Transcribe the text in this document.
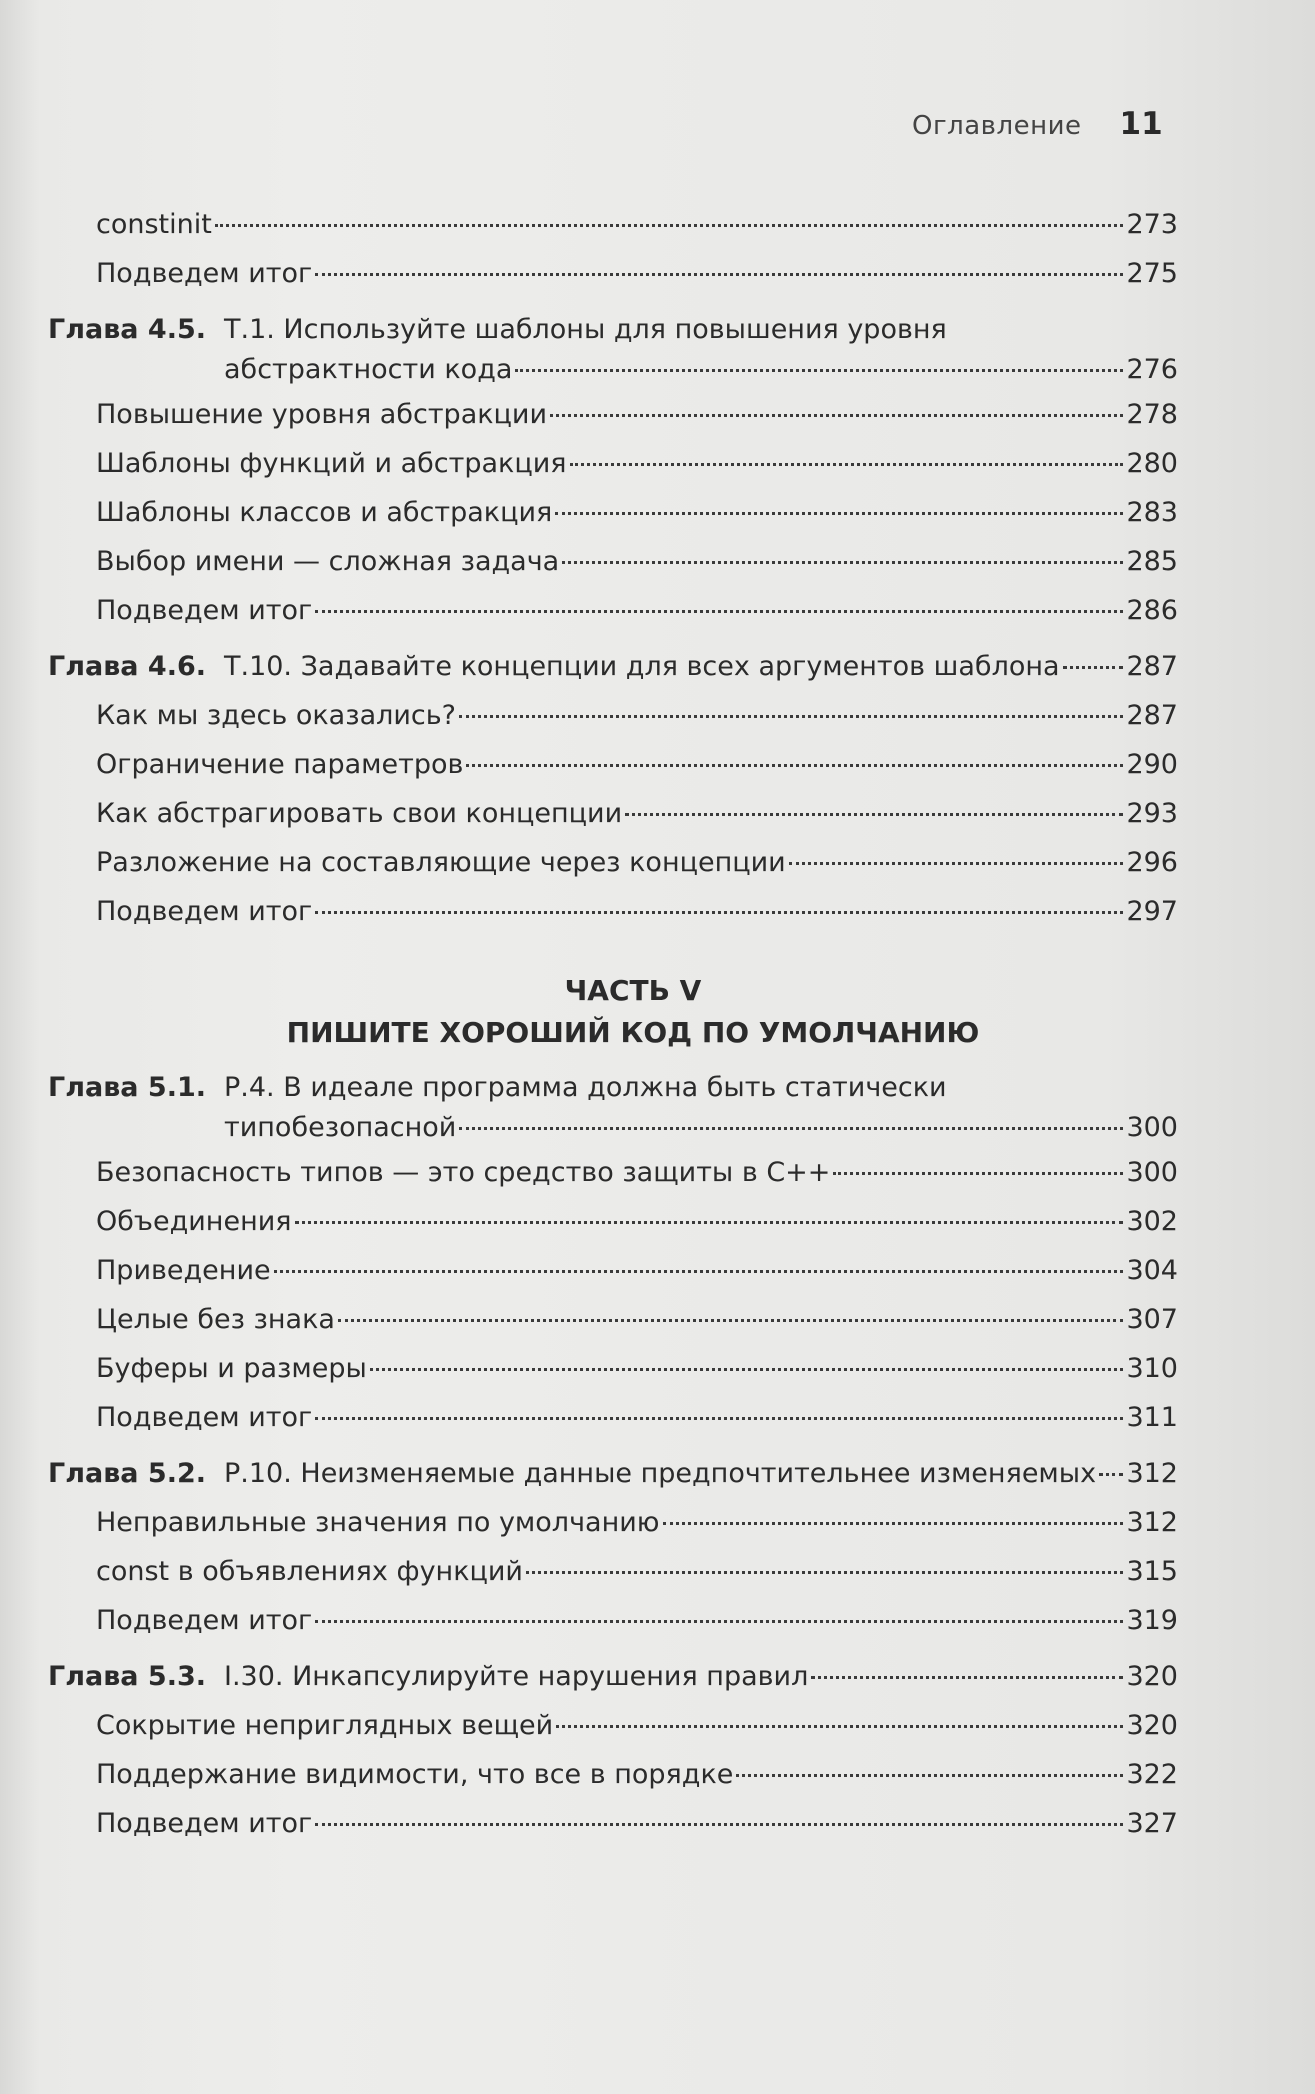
Оглавление 11
constinit	273
Подведем итог	275
Глава 4.5. Т.1. Используйте шаблоны для повышения уровня
абстрактности кода	276
Повышение уровня абстракции	278
Шаблоны функций и абстракция	280
Шаблоны классов и абстракция	283
Выбор имени — сложная задача	285
Подведем итог	286
Глава 4.6. Т.10. Задавайте концепции для всех аргументов шаблона 287
Как мы здесь оказались?	287
Ограничение параметров	290
Как абстрагировать свои концепции	293
Разложение на составляющие через концепции	296
Подведем итог	297
ЧАСТЬ V
ПИШИТЕ ХОРОШИЙ КОД ПО УМОЛЧАНИЮ
Глава 5.1. Р.4. В идеале программа должна быть статически
типобезопасной	300
Безопасность типов — это средство защиты в С++	300
Объединения	302
Приведение	304
Целые без знака	307
Буферы и размеры	310
Подведем итог	311
Глава 5.2. Р.10. Неизменяемые данные предпочтительнее изменяемых 312
Неправильные значения по умолчанию	312
const в объявлениях функций	315
Подведем итог	319
Глава 5.3. I.30. Инкапсулируйте нарушения правил	320
Сокрытие неприглядных вещей	320
Поддержание видимости, что все в порядке	322
Подведем итог	327
